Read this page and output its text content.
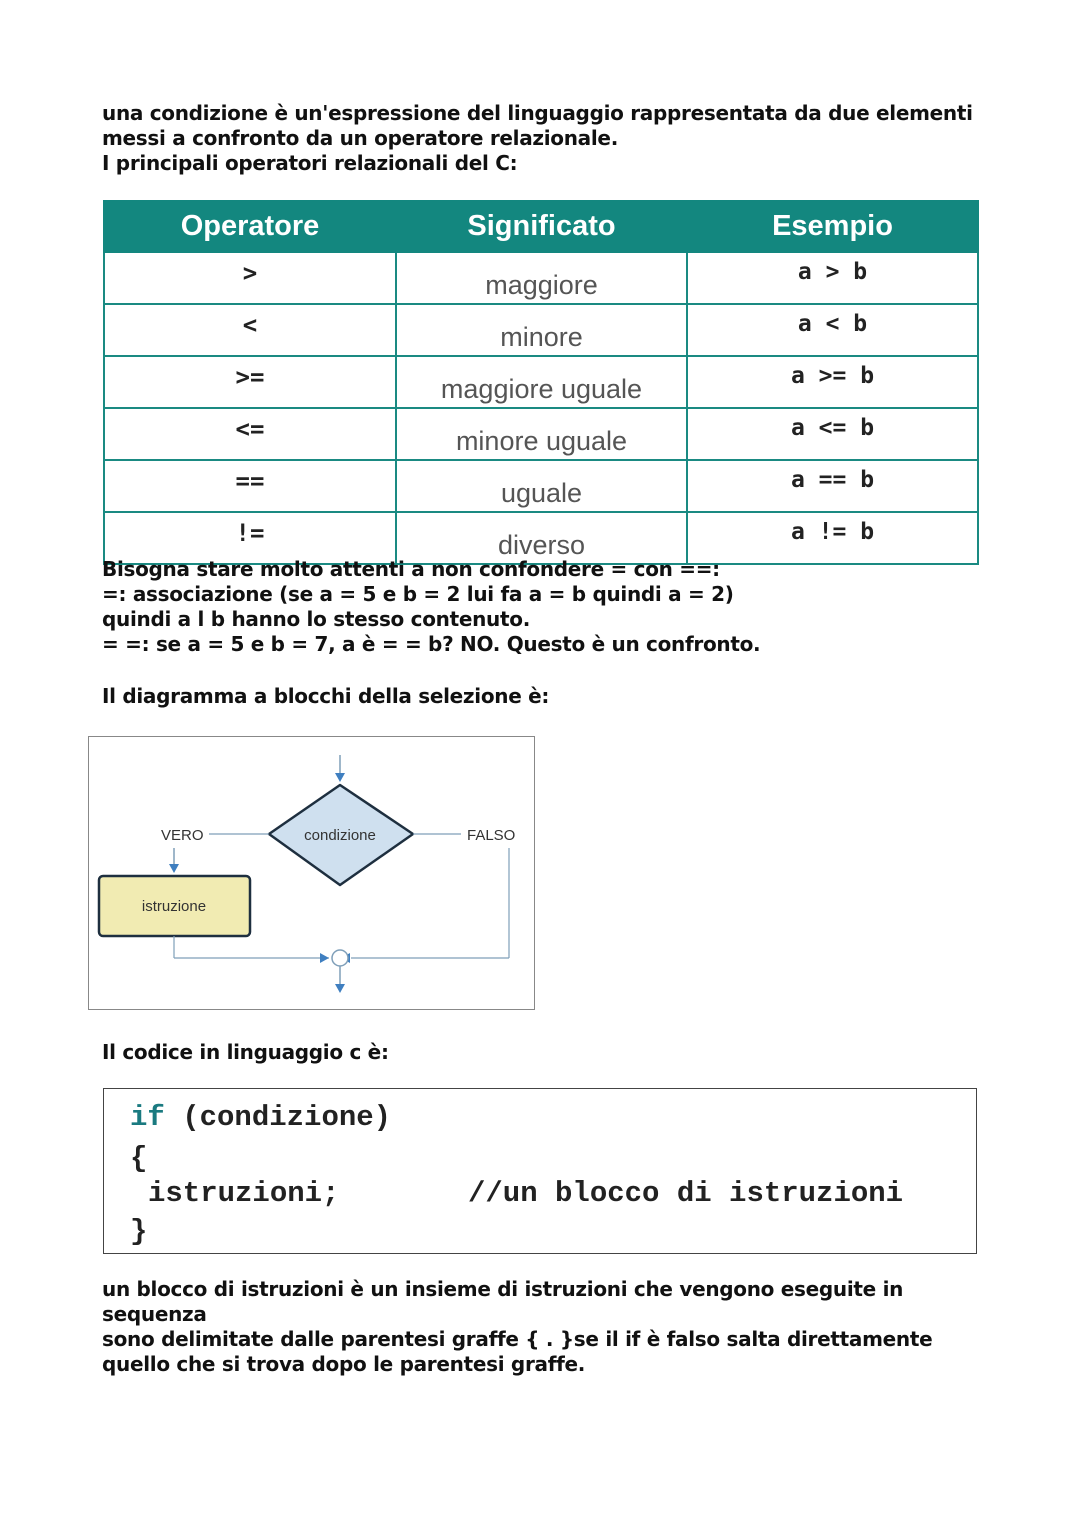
una condizione è un'espressione del linguaggio rappresentata da due elementi
messi a confronto da un operatore relazionale.
I principali operatori relazionali del C:
Operatore	Significato	Esempio
>	maggiore	a > b
<	minore	a < b
>=	maggiore uguale	a >= b
<=	minore uguale	a <= b
==	uguale	a == b
!=	diverso	a != b
Bisogna stare molto attenti a non confondere = con ==:
=: associazione (se a = 5 e b = 2 lui fa a = b quindi a = 2)
quindi a l b hanno lo stesso contenuto.
= =: se a = 5 e b = 7, a è = = b? NO. Questo è un confronto.
Il diagramma a blocchi della selezione è:
condizione
VERO
istruzione
FALSO
Il codice in linguaggio c è:
if (condizione)
{
istruzioni;	//un blocco di istruzioni
}
un blocco di istruzioni è un insieme di istruzioni che vengono eseguite in
sequenza
sono delimitate dalle parentesi graffe { . }se il if è falso salta direttamente
quello che si trova dopo le parentesi graffe.
